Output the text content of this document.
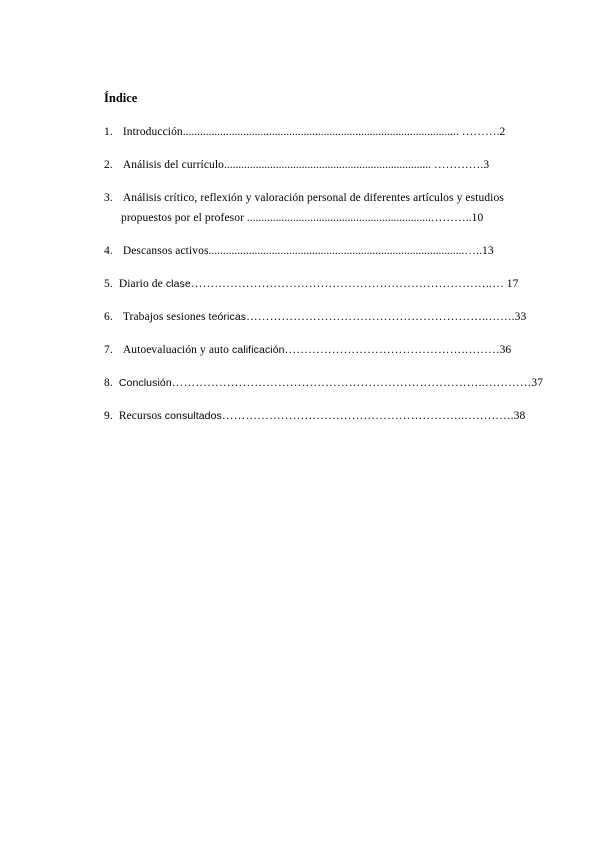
Índice
1. Introducción................................................................................................ ……….2
2. Análisis del currículo........................................................................ ………….3
3. Análisis crítico, reflexión y valoración personal de diferentes artículos y estudios
propuestos por el profesor ................................................................………..10
4. Descansos activos.........................................................................................…..13
5. Diario de clase…………………………………………………………………..… 17
6. Trabajos sesiones teóricas……………………………………………………..…….33
7. Autoevaluación y auto calificación……………………………………….………36
8. Conclusión……………………………………………………………………..…………37
9. Recursos consultados……………………………………………………..………….38
